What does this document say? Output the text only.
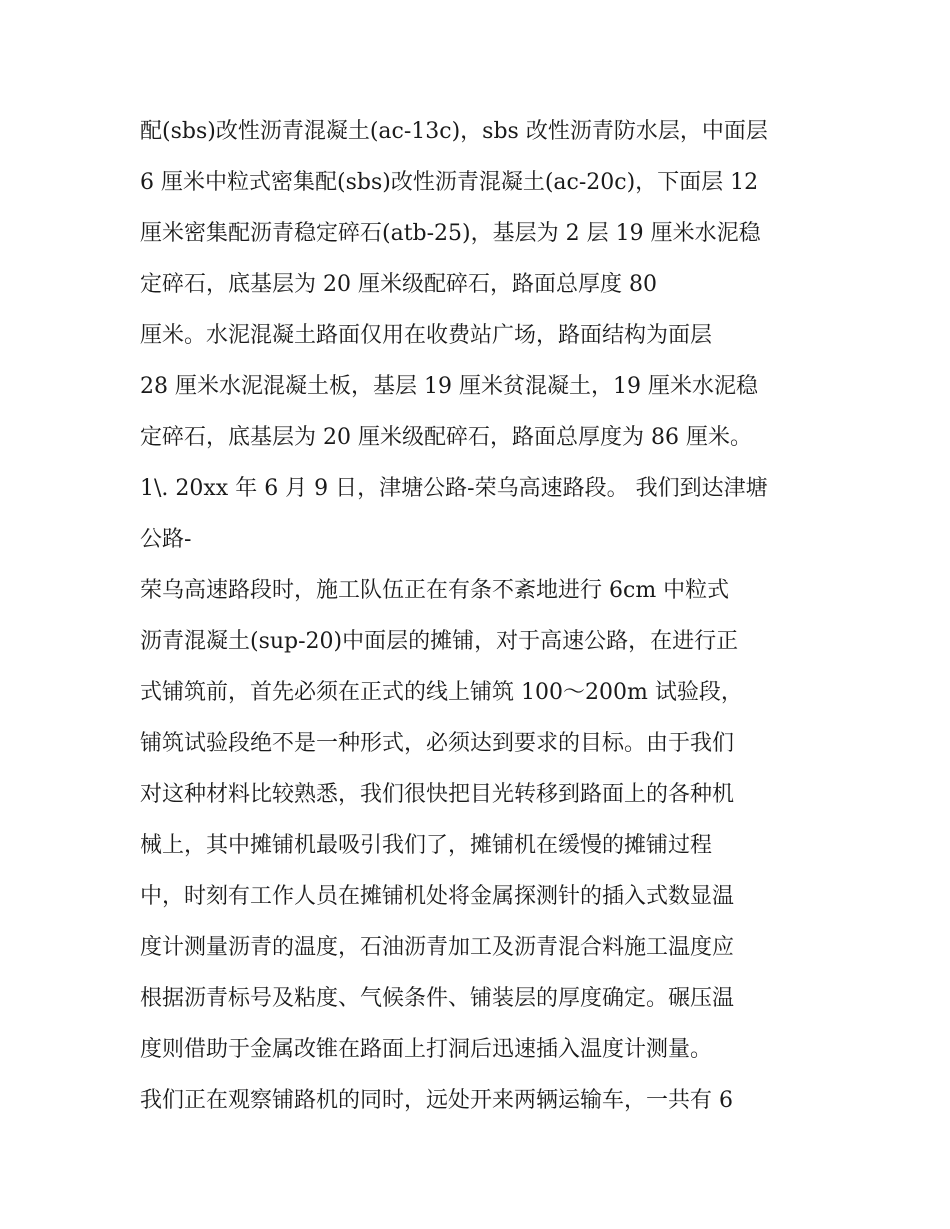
配(sbs)改性沥青混凝土(ac-13c)，sbs 改性沥青防水层，中面层

6 厘米中粒式密集配(sbs)改性沥青混凝土(ac-20c)，下面层 12

厘米密集配沥青稳定碎石(atb-25)，基层为 2 层 19 厘米水泥稳

定碎石，底基层为 20 厘米级配碎石，路面总厚度 80

厘米。水泥混凝土路面仅用在收费站广场，路面结构为面层

28 厘米水泥混凝土板，基层 19 厘米贫混凝土，19 厘米水泥稳

定碎石，底基层为 20 厘米级配碎石，路面总厚度为 86 厘米。

1\. 20xx 年 6 月 9 日，津塘公路-荣乌高速路段。 我们到达津塘

公路-

荣乌高速路段时，施工队伍正在有条不紊地进行 6cm 中粒式

沥青混凝土(sup-20)中面层的摊铺，对于高速公路，在进行正

式铺筑前，首先必须在正式的线上铺筑 100～200m 试验段，

铺筑试验段绝不是一种形式，必须达到要求的目标。由于我们

对这种材料比较熟悉，我们很快把目光转移到路面上的各种机

械上，其中摊铺机最吸引我们了，摊铺机在缓慢的摊铺过程

中，时刻有工作人员在摊铺机处将金属探测针的插入式数显温

度计测量沥青的温度，石油沥青加工及沥青混合料施工温度应

根据沥青标号及粘度、气候条件、铺装层的厚度确定。碾压温

度则借助于金属改锥在路面上打洞后迅速插入温度计测量。

我们正在观察铺路机的同时，远处开来两辆运输车，一共有 6
